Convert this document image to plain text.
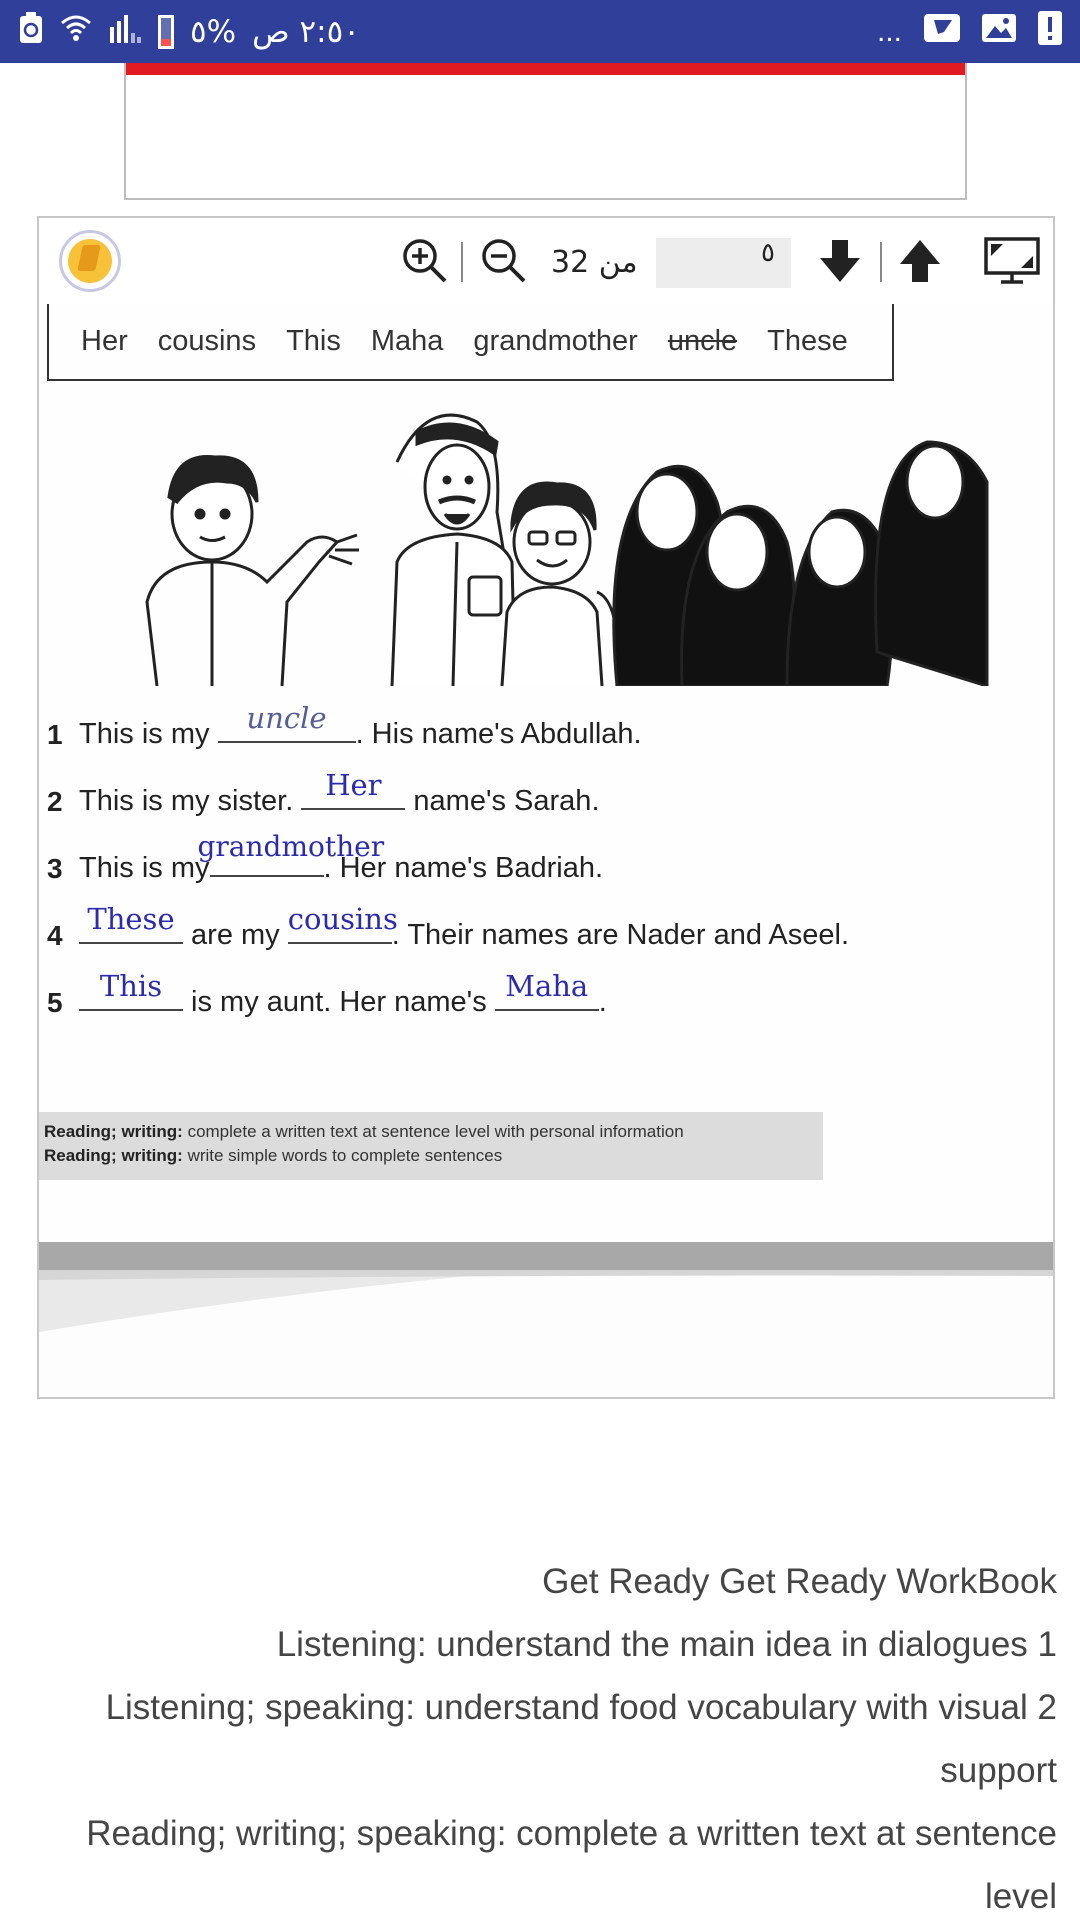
٢:٥٠ ص
%٥	...
من 32	٥
Her cousins This Maha grandmother uncle These
1 This is my uncle . His name's Abdullah.
2 This is my sister. Her name's Sarah.
3 This is my
grandmother
. Her name's Badriah.
4 These are my cousins
. Their names are Nader and Aseel.
5	This is my aunt. Her name's Maha .
Reading; writing: complete a written text at sentence level with personal information
Reading; writing: write simple words to complete sentences

Get Ready Get Ready WorkBook

Listening: understand the main idea in dialogues 1

Listening; speaking: understand food vocabulary with visual 2

support

Reading; writing; speaking: complete a written text at sentence

level
